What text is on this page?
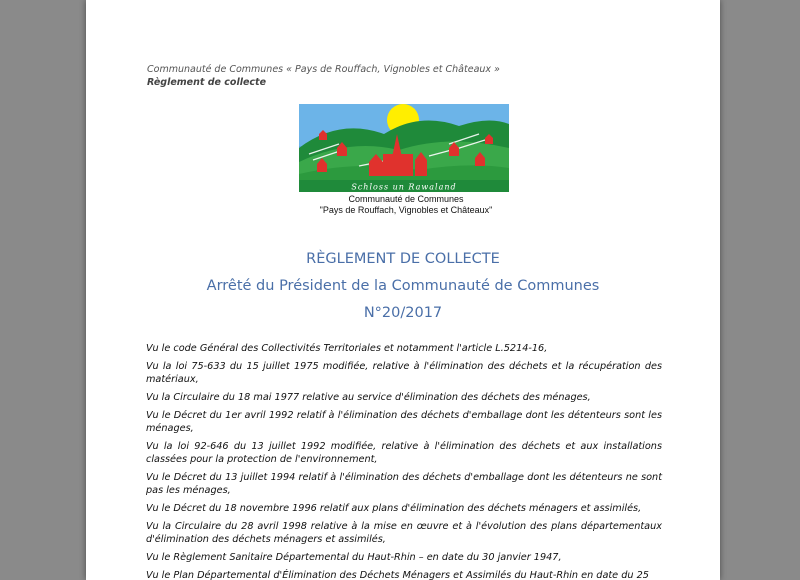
Communauté de Communes « Pays de Rouffach, Vignobles et Châteaux »
Règlement de collecte
Schloss un Rawaland
Communauté de Communes
"Pays de Rouffach, Vignobles et Châteaux"
RÈGLEMENT DE COLLECTE
Arrêté du Président de la Communauté de Communes
N°20/2017

Vu le code Général des Collectivités Territoriales et notamment l'article L.5214-16,

Vu la loi 75-633 du 15 juillet 1975 modifiée, relative à l'élimination des déchets et la récupération des matériaux,

Vu la Circulaire du 18 mai 1977 relative au service d'élimination des déchets des ménages,

Vu le Décret du 1er avril 1992 relatif à l'élimination des déchets d'emballage dont les détenteurs sont les ménages,

Vu la loi 92-646 du 13 juillet 1992 modifiée, relative à l'élimination des déchets et aux installations classées pour la protection de l'environnement,

Vu le Décret du 13 juillet 1994 relatif à l'élimination des déchets d'emballage dont les détenteurs ne sont pas les ménages,

Vu le Décret du 18 novembre 1996 relatif aux plans d'élimination des déchets ménagers et assimilés,

Vu la Circulaire du 28 avril 1998 relative à la mise en œuvre et à l'évolution des plans départementaux d'élimination des déchets ménagers et assimilés,

Vu le Règlement Sanitaire Départemental du Haut-Rhin – en date du 30 janvier 1947,

Vu le Plan Départemental d'Élimination des Déchets Ménagers et Assimilés du Haut-Rhin en date du 25
